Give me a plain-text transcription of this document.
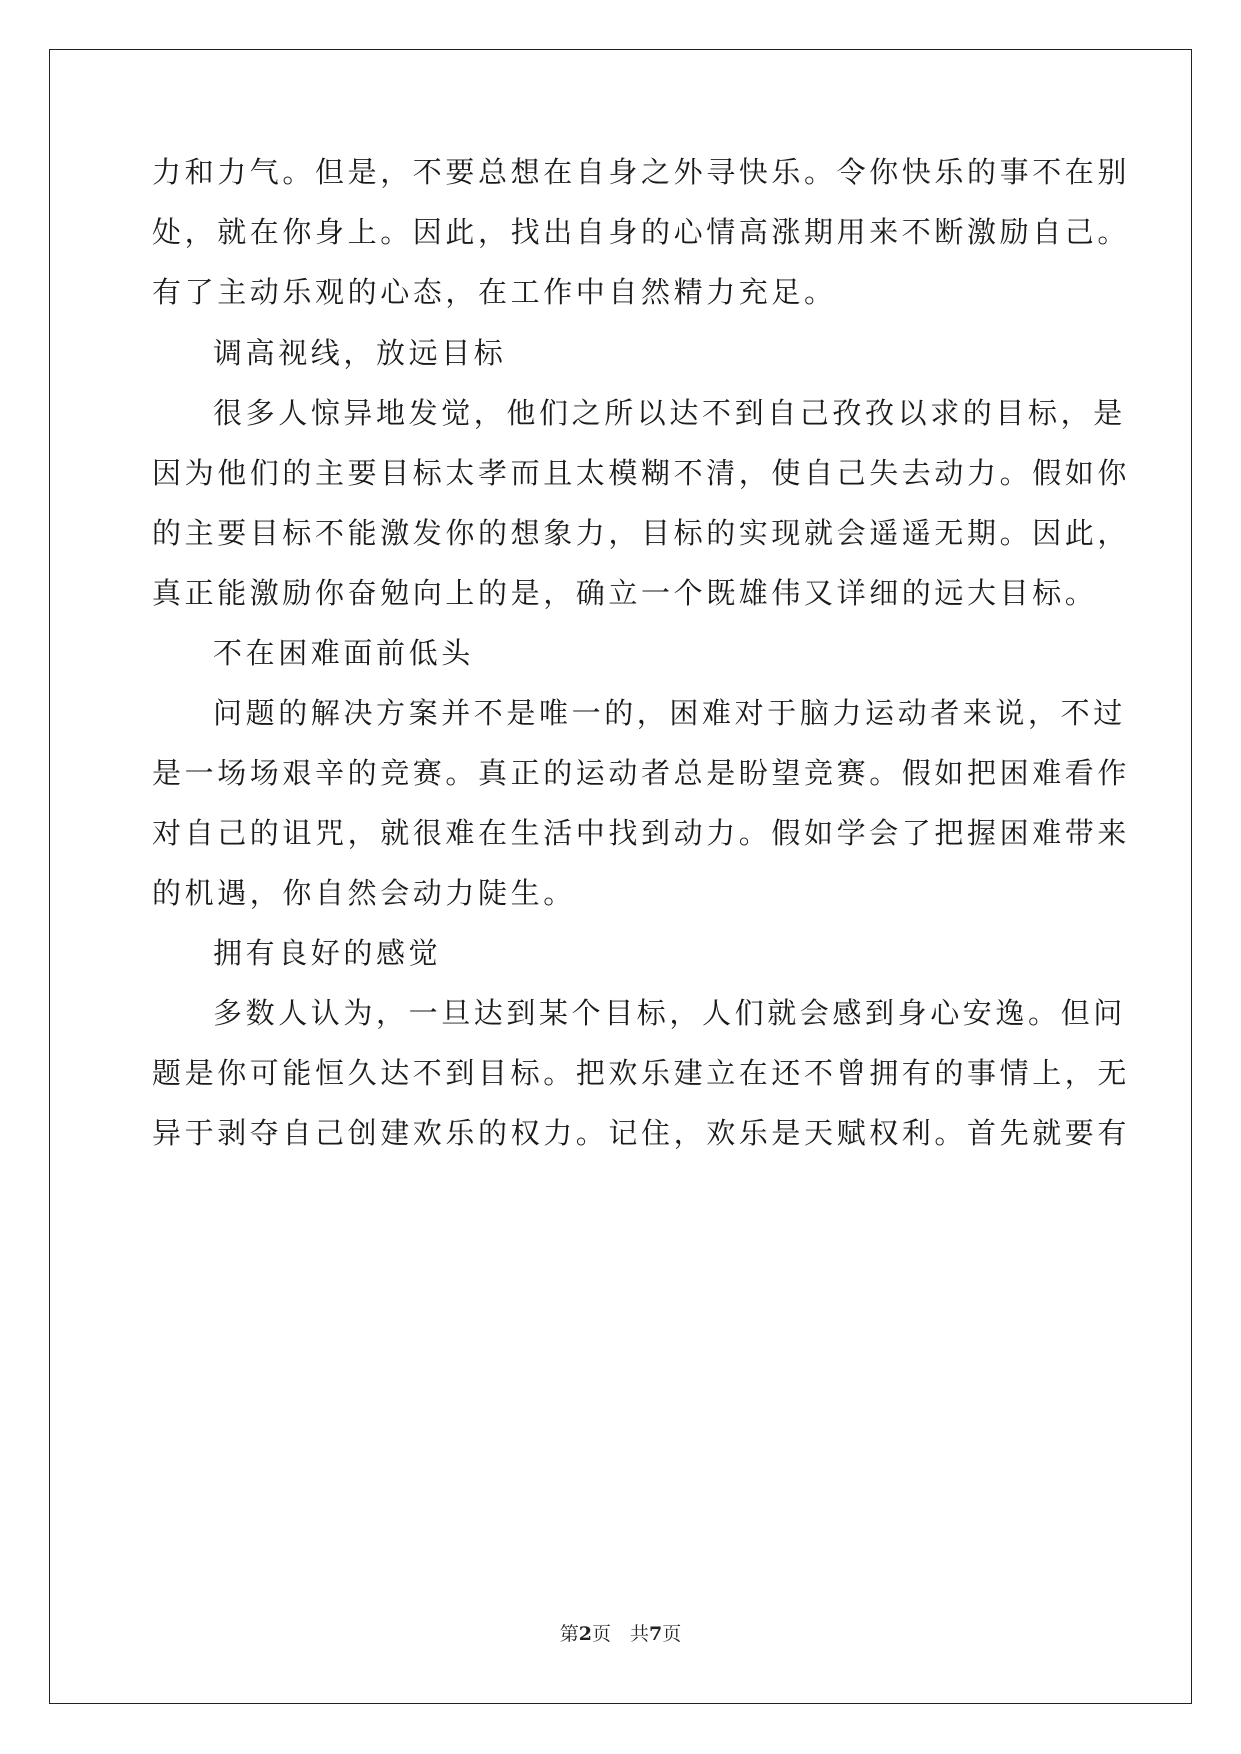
力和力气。但是，不要总想在自身之外寻快乐。令你快乐的事不在别
处，就在你身上。因此，找出自身的心情高涨期用来不断激励自己。
有了主动乐观的心态，在工作中自然精力充足。
调高视线，放远目标
很多人惊异地发觉，他们之所以达不到自己孜孜以求的目标，是
因为他们的主要目标太孝而且太模糊不清，使自己失去动力。假如你
的主要目标不能激发你的想象力，目标的实现就会遥遥无期。因此，
真正能激励你奋勉向上的是，确立一个既雄伟又详细的远大目标。
不在困难面前低头
问题的解决方案并不是唯一的，困难对于脑力运动者来说，不过
是一场场艰辛的竞赛。真正的运动者总是盼望竞赛。假如把困难看作
对自己的诅咒，就很难在生活中找到动力。假如学会了把握困难带来
的机遇，你自然会动力陡生。
拥有良好的感觉
多数人认为，一旦达到某个目标，人们就会感到身心安逸。但问
题是你可能恒久达不到目标。把欢乐建立在还不曾拥有的事情上，无
异于剥夺自己创建欢乐的权力。记住，欢乐是天赋权利。首先就要有
第2页　共7页
